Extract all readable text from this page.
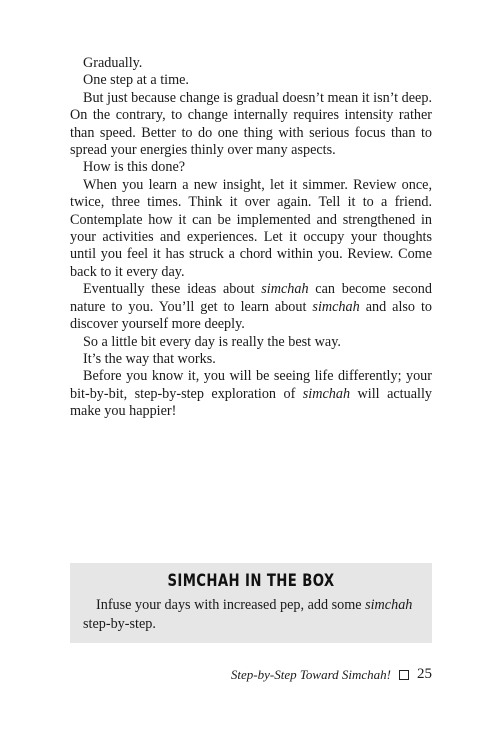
Gradually.

One step at a time.

But just because change is gradual doesn’t mean it isn’t deep. On the contrary, to change internally requires intensity rather than speed. Better to do one thing with serious focus than to spread your energies thinly over many aspects.

How is this done?

When you learn a new insight, let it simmer. Review once, twice, three times. Think it over again. Tell it to a friend. Contemplate how it can be implemented and strengthened in your activities and experiences. Let it occupy your thoughts until you feel it has struck a chord within you. Review. Come back to it every day.

Eventually these ideas about simchah can become second nature to you. You’ll get to learn about simchah and also to discover yourself more deeply.

So a little bit every day is really the best way.

It’s the way that works.

Before you know it, you will be seeing life differently; your bit-by-bit, step-by-step exploration of simchah will actually make you happier!

SIMCHAH IN THE BOX

Infuse your days with increased pep, add some simchah step-by-step.

Step-by-Step Toward Simchah! 25
